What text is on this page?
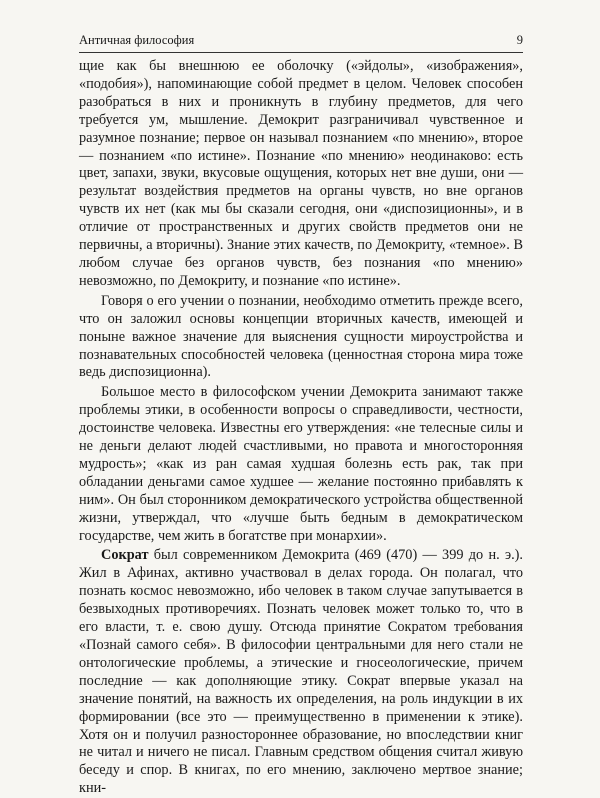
Античная философия	9

щие как бы внешнюю ее оболочку («эйдолы», «изображения», «подобия»), напоминающие собой предмет в целом. Человек способен разобраться в них и проникнуть в глубину предметов, для чего требуется ум, мышление. Демокрит разграничивал чувственное и разумное познание; первое он называл познанием «по мнению», второе — познанием «по истине». Познание «по мнению» неодинаково: есть цвет, запахи, звуки, вкусовые ощущения, которых нет вне души, они — результат воздействия предметов на органы чувств, но вне органов чувств их нет (как мы бы сказали сегодня, они «диспозиционны», и в отличие от пространственных и других свойств предметов они не первичны, а вторичны). Знание этих качеств, по Демокриту, «темное». В любом случае без органов чувств, без познания «по мнению» невозможно, по Демокриту, и познание «по истине».

Говоря о его учении о познании, необходимо отметить прежде всего, что он заложил основы концепции вторичных качеств, имеющей и поныне важное значение для выяснения сущности мироустройства и познавательных способностей человека (ценностная сторона мира тоже ведь диспозиционна).

Большое место в философском учении Демокрита занимают также проблемы этики, в особенности вопросы о справедливости, честности, достоинстве человека. Известны его утверждения: «не телесные силы и не деньги делают людей счастливыми, но правота и многосторонняя мудрость»; «как из ран самая худшая болезнь есть рак, так при обладании деньгами самое худшее — желание постоянно прибавлять к ним». Он был сторонником демократического устройства общественной жизни, утверждал, что «лучше быть бедным в демократическом государстве, чем жить в богатстве при монархии».

Сократ был современником Демокрита (469 (470) — 399 до н. э.). Жил в Афинах, активно участвовал в делах города. Он полагал, что познать космос невозможно, ибо человек в таком случае запутывается в безвыходных противоречиях. Познать человек может только то, что в его власти, т. е. свою душу. Отсюда принятие Сократом требования «Познай самого себя». В философии центральными для него стали не онтологические проблемы, а этические и гносеологические, причем последние — как дополняющие этику. Сократ впервые указал на значение понятий, на важность их определения, на роль индукции в их формировании (все это — преимущественно в применении к этике). Хотя он и получил разностороннее образование, но впоследствии книг не читал и ничего не писал. Главным средством общения считал живую беседу и спор. В книгах, по его мнению, заключено мертвое знание; кни-
